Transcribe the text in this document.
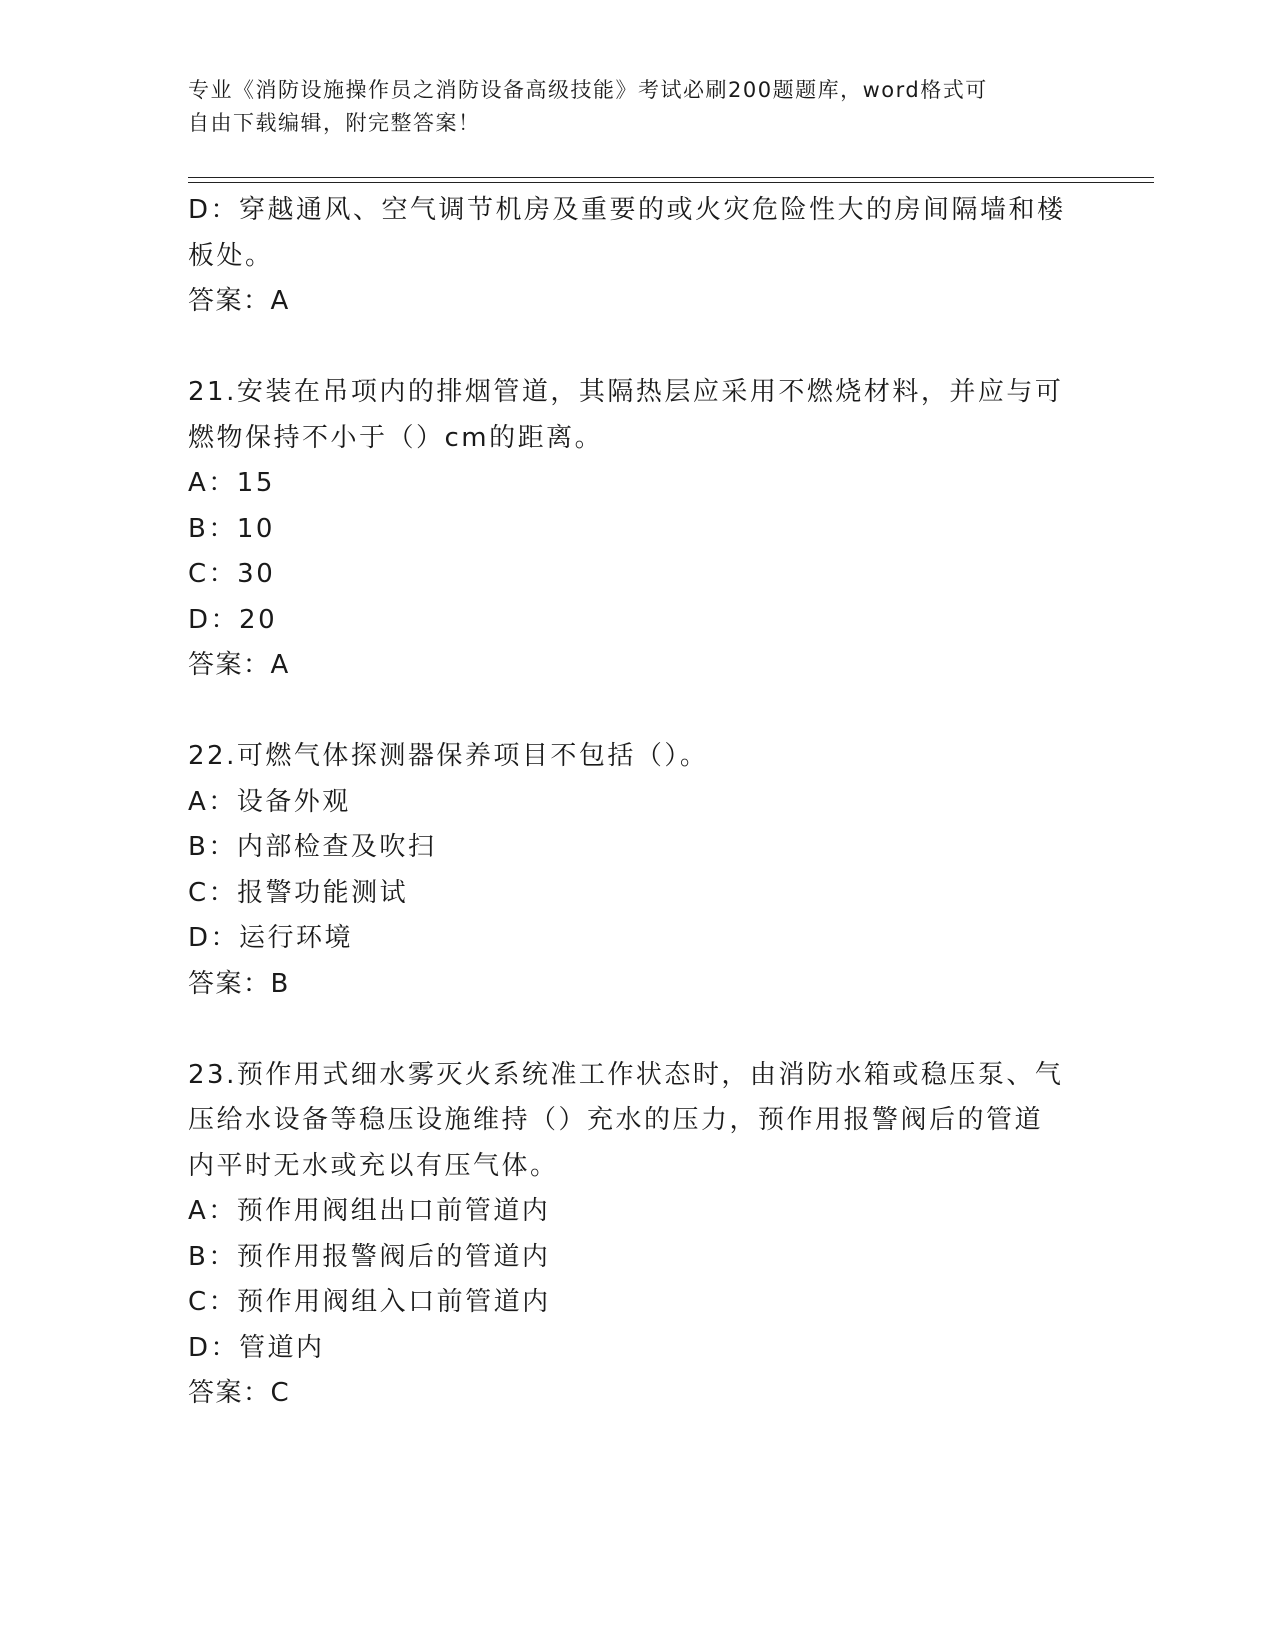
专业《消防设施操作员之消防设备高级技能》考试必刷200题题库，word格式可

自由下载编辑，附完整答案！

D：穿越通风、空气调节机房及重要的或火灾危险性大的房间隔墙和楼
板处。
答案：A
21.安装在吊项内的排烟管道，其隔热层应采用不燃烧材料，并应与可
燃物保持不小于（）cm的距离。
A：15
B：10
C：30
D：20
答案：A
22.可燃气体探测器保养项目不包括（）。
A：设备外观
B：内部检查及吹扫
C：报警功能测试
D：运行环境
答案：B
23.预作用式细水雾灭火系统准工作状态时，由消防水箱或稳压泵、气
压给水设备等稳压设施维持（）充水的压力，预作用报警阀后的管道
内平时无水或充以有压气体。
A：预作用阀组出口前管道内
B：预作用报警阀后的管道内
C：预作用阀组入口前管道内
D：管道内
答案：C
